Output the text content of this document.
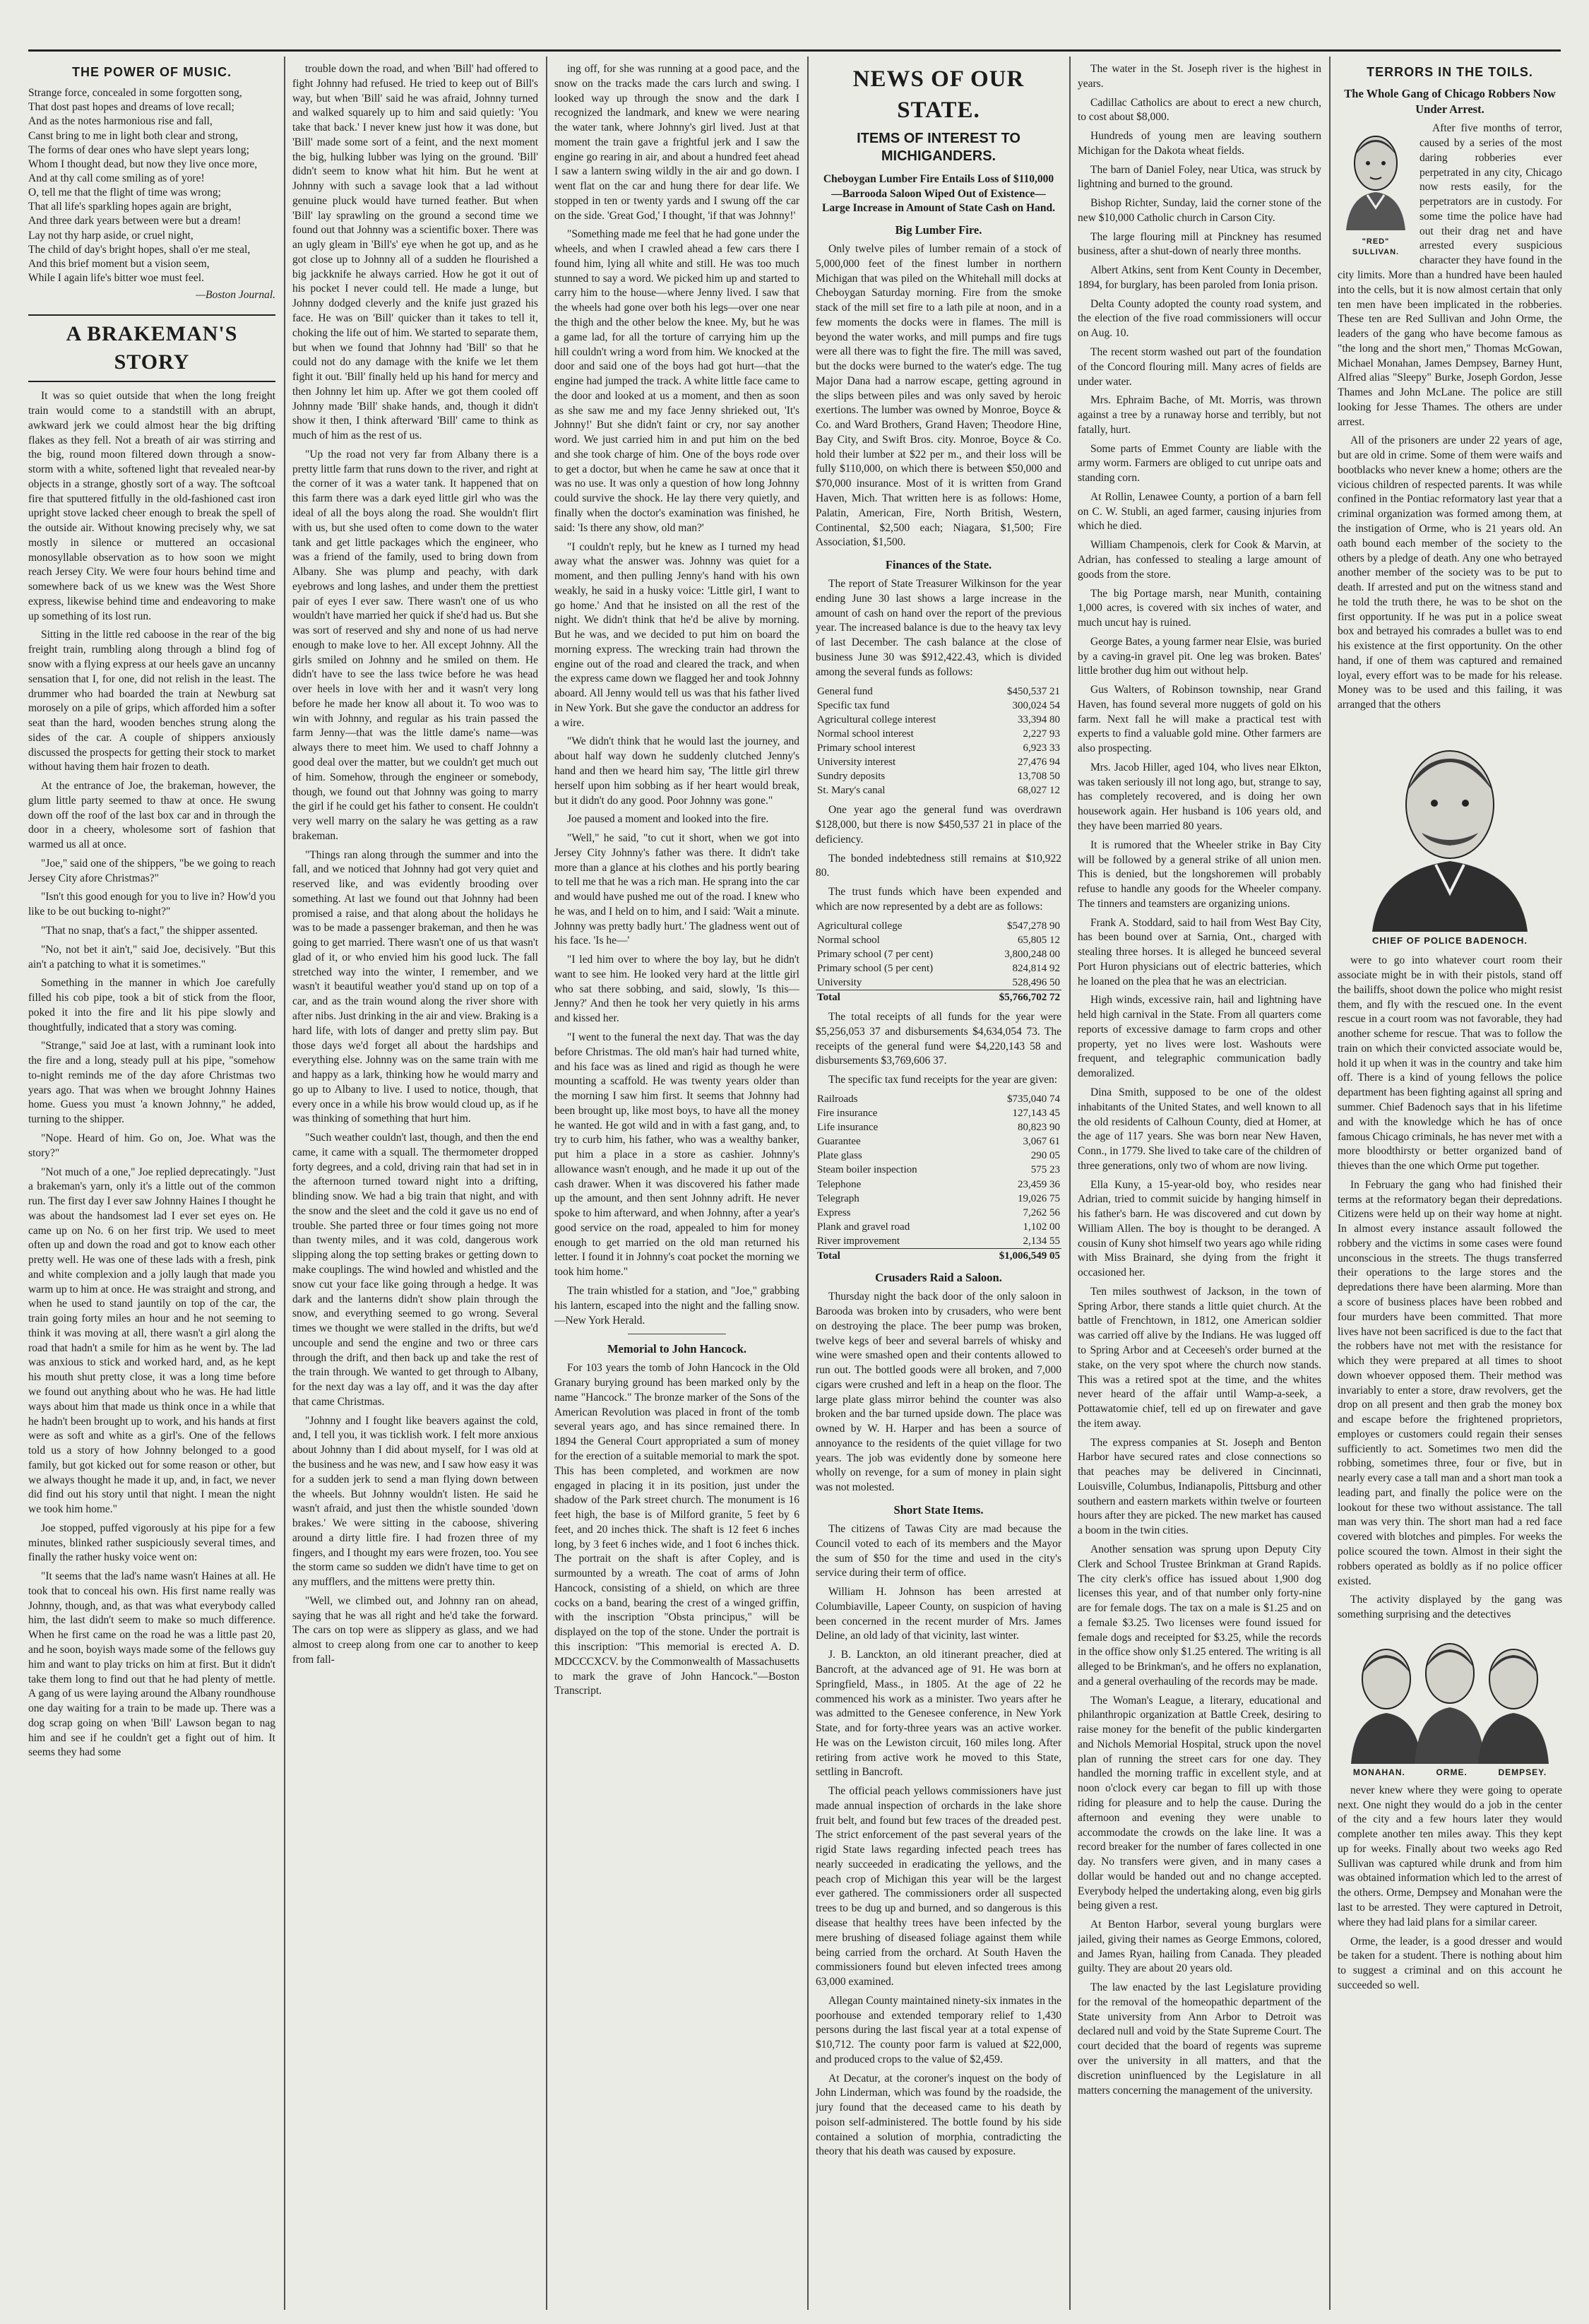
THE POWER OF MUSIC.
Strange force, concealed in some forgotten song,
That dost past hopes and dreams of love recall;
And as the notes harmonious rise and fall,
Canst bring to me in light both clear and strong,
The forms of dear ones who have slept years long;
Whom I thought dead, but now they live once more,
And at thy call come smiling as of yore!
O, tell me that the flight of time was wrong;
That all life's sparkling hopes again are bright,
And three dark years between were but a dream!
Lay not thy harp aside, or cruel night,
The child of day's bright hopes, shall o'er me steal,
And this brief moment but a vision seem,
While I again life's bitter woe must feel.
—Boston Journal.
A BRAKEMAN'S STORY

It was so quiet outside that when the long freight train would come to a standstill with an abrupt, awkward jerk we could almost hear the big drifting flakes as they fell. Not a breath of air was stirring and the big, round moon filtered down through a snow-storm with a white, softened light that revealed near-by objects in a strange, ghostly sort of a way. The softcoal fire that sputtered fitfully in the old-fashioned cast iron upright stove lacked cheer enough to break the spell of the outside air. Without knowing precisely why, we sat mostly in silence or muttered an occasional monosyllable observation as to how soon we might reach Jersey City. We were four hours behind time and somewhere back of us we knew was the West Shore express, likewise behind time and endeavoring to make up something of its lost run.

Sitting in the little red caboose in the rear of the big freight train, rumbling along through a blind fog of snow with a flying express at our heels gave an uncanny sensation that I, for one, did not relish in the least. The drummer who had boarded the train at Newburg sat morosely on a pile of grips, which afforded him a softer seat than the hard, wooden benches strung along the sides of the car. A couple of shippers anxiously discussed the prospects for getting their stock to market without having them hair frozen to death.

At the entrance of Joe, the brakeman, however, the glum little party seemed to thaw at once. He swung down off the roof of the last box car and in through the door in a cheery, wholesome sort of fashion that warmed us all at once.

"Joe," said one of the shippers, "be we going to reach Jersey City afore Christmas?"

"Isn't this good enough for you to live in? How'd you like to be out bucking to-night?"

"That no snap, that's a fact," the shipper assented.

"No, not bet it ain't," said Joe, decisively. "But this ain't a patching to what it is sometimes."

Something in the manner in which Joe carefully filled his cob pipe, took a bit of stick from the floor, poked it into the fire and lit his pipe slowly and thoughtfully, indicated that a story was coming.

"Strange," said Joe at last, with a ruminant look into the fire and a long, steady pull at his pipe, "somehow to-night reminds me of the day afore Christmas two years ago. That was when we brought Johnny Haines home. Guess you must 'a known Johnny," he added, turning to the shipper.

"Nope. Heard of him. Go on, Joe. What was the story?"

"Not much of a one," Joe replied deprecatingly. "Just a brakeman's yarn, only it's a little out of the common run. The first day I ever saw Johnny Haines I thought he was about the handsomest lad I ever set eyes on. He came up on No. 6 on her first trip. We used to meet often up and down the road and got to know each other pretty well. He was one of these lads with a fresh, pink and white complexion and a jolly laugh that made you warm up to him at once. He was straight and strong, and when he used to stand jauntily on top of the car, the train going forty miles an hour and he not seeming to think it was moving at all, there wasn't a girl along the road that hadn't a smile for him as he went by. The lad was anxious to stick and worked hard, and, as he kept his mouth shut pretty close, it was a long time before we found out anything about who he was. He had little ways about him that made us think once in a while that he hadn't been brought up to work, and his hands at first were as soft and white as a girl's. One of the fellows told us a story of how Johnny belonged to a good family, but got kicked out for some reason or other, but we always thought he made it up, and, in fact, we never did find out his story until that night. I mean the night we took him home."

Joe stopped, puffed vigorously at his pipe for a few minutes, blinked rather suspiciously several times, and finally the rather husky voice went on:

"It seems that the lad's name wasn't Haines at all. He took that to conceal his own. His first name really was Johnny, though, and, as that was what everybody called him, the last didn't seem to make so much difference. When he first came on the road he was a little past 20, and he soon, boyish ways made some of the fellows guy him and want to play tricks on him at first. But it didn't take them long to find out that he had plenty of mettle. A gang of us were laying around the Albany roundhouse one day waiting for a train to be made up. There was a dog scrap going on when 'Bill' Lawson began to nag him and see if he couldn't get a fight out of him. It seems they had some

trouble down the road, and when 'Bill' had offered to fight Johnny had refused. He tried to keep out of Bill's way, but when 'Bill' said he was afraid, Johnny turned and walked squarely up to him and said quietly: 'You take that back.' I never knew just how it was done, but 'Bill' made some sort of a feint, and the next moment the big, hulking lubber was lying on the ground. 'Bill' didn't seem to know what hit him. But he went at Johnny with such a savage look that a lad without genuine pluck would have turned feather. But when 'Bill' lay sprawling on the ground a second time we found out that Johnny was a scientific boxer. There was an ugly gleam in 'Bill's' eye when he got up, and as he got close up to Johnny all of a sudden he flourished a big jackknife he always carried. How he got it out of his pocket I never could tell. He made a lunge, but Johnny dodged cleverly and the knife just grazed his face. He was on 'Bill' quicker than it takes to tell it, choking the life out of him. We started to separate them, but when we found that Johnny had 'Bill' so that he could not do any damage with the knife we let them fight it out. 'Bill' finally held up his hand for mercy and then Johnny let him up. After we got them cooled off Johnny made 'Bill' shake hands, and, though it didn't show it then, I think afterward 'Bill' came to think as much of him as the rest of us.

"Up the road not very far from Albany there is a pretty little farm that runs down to the river, and right at the corner of it was a water tank. It happened that on this farm there was a dark eyed little girl who was the ideal of all the boys along the road. She wouldn't flirt with us, but she used often to come down to the water tank and get little packages which the engineer, who was a friend of the family, used to bring down from Albany. She was plump and peachy, with dark eyebrows and long lashes, and under them the prettiest pair of eyes I ever saw. There wasn't one of us who wouldn't have married her quick if she'd had us. But she was sort of reserved and shy and none of us had nerve enough to make love to her. All except Johnny. All the girls smiled on Johnny and he smiled on them. He didn't have to see the lass twice before he was head over heels in love with her and it wasn't very long before he made her know all about it. To woo was to win with Johnny, and regular as his train passed the farm Jenny—that was the little dame's name—was always there to meet him. We used to chaff Johnny a good deal over the matter, but we couldn't get much out of him. Somehow, through the engineer or somebody, though, we found out that Johnny was going to marry the girl if he could get his father to consent. He couldn't very well marry on the salary he was getting as a raw brakeman.

"Things ran along through the summer and into the fall, and we noticed that Johnny had got very quiet and reserved like, and was evidently brooding over something. At last we found out that Johnny had been promised a raise, and that along about the holidays he was to be made a passenger brakeman, and then he was going to get married. There wasn't one of us that wasn't glad of it, or who envied him his good luck. The fall stretched way into the winter, I remember, and we wasn't it beautiful weather you'd stand up on top of a car, and as the train wound along the river shore with after nibs. Just drinking in the air and view. Braking is a hard life, with lots of danger and pretty slim pay. But those days we'd forget all about the hardships and everything else. Johnny was on the same train with me and happy as a lark, thinking how he would marry and go up to Albany to live. I used to notice, though, that every once in a while his brow would cloud up, as if he was thinking of something that hurt him.

"Such weather couldn't last, though, and then the end came, it came with a squall. The thermometer dropped forty degrees, and a cold, driving rain that had set in in the afternoon turned toward night into a drifting, blinding snow. We had a big train that night, and with the snow and the sleet and the cold it gave us no end of trouble. She parted three or four times going not more than twenty miles, and it was cold, dangerous work slipping along the top setting brakes or getting down to make couplings. The wind howled and whistled and the snow cut your face like going through a hedge. It was dark and the lanterns didn't show plain through the snow, and everything seemed to go wrong. Several times we thought we were stalled in the drifts, but we'd uncouple and send the engine and two or three cars through the drift, and then back up and take the rest of the train through. We wanted to get through to Albany, for the next day was a lay off, and it was the day after that came Christmas.

"Johnny and I fought like beavers against the cold, and, I tell you, it was ticklish work. I felt more anxious about Johnny than I did about myself, for I was old at the business and he was new, and I saw how easy it was for a sudden jerk to send a man flying down between the wheels. But Johnny wouldn't listen. He said he wasn't afraid, and just then the whistle sounded 'down brakes.' We were sitting in the caboose, shivering around a dirty little fire. I had frozen three of my fingers, and I thought my ears were frozen, too. You see the storm came so sudden we didn't have time to get on any mufflers, and the mittens were pretty thin.

"Well, we climbed out, and Johnny ran on ahead, saying that he was all right and he'd take the forward. The cars on top were as slippery as glass, and we had almost to creep along from one car to another to keep from fall-

ing off, for she was running at a good pace, and the snow on the tracks made the cars lurch and swing. I looked way up through the snow and the dark I recognized the landmark, and knew we were nearing the water tank, where Johnny's girl lived. Just at that moment the train gave a frightful jerk and I saw the engine go rearing in air, and about a hundred feet ahead I saw a lantern swing wildly in the air and go down. I went flat on the car and hung there for dear life. We stopped in ten or twenty yards and I swung off the car on the side. 'Great God,' I thought, 'if that was Johnny!'

"Something made me feel that he had gone under the wheels, and when I crawled ahead a few cars there I found him, lying all white and still. He was too much stunned to say a word. We picked him up and started to carry him to the house—where Jenny lived. I saw that the wheels had gone over both his legs—over one near the thigh and the other below the knee. My, but he was a game lad, for all the torture of carrying him up the hill couldn't wring a word from him. We knocked at the door and said one of the boys had got hurt—that the engine had jumped the track. A white little face came to the door and looked at us a moment, and then as soon as she saw me and my face Jenny shrieked out, 'It's Johnny!' But she didn't faint or cry, nor say another word. We just carried him in and put him on the bed and she took charge of him. One of the boys rode over to get a doctor, but when he came he saw at once that it was no use. It was only a question of how long Johnny could survive the shock. He lay there very quietly, and finally when the doctor's examination was finished, he said: 'Is there any show, old man?'

"I couldn't reply, but he knew as I turned my head away what the answer was. Johnny was quiet for a moment, and then pulling Jenny's hand with his own weakly, he said in a husky voice: 'Little girl, I want to go home.' And that he insisted on all the rest of the night. We didn't think that he'd be alive by morning. But he was, and we decided to put him on board the morning express. The wrecking train had thrown the engine out of the road and cleared the track, and when the express came down we flagged her and took Johnny aboard. All Jenny would tell us was that his father lived in New York. But she gave the conductor an address for a wire.

"We didn't think that he would last the journey, and about half way down he suddenly clutched Jenny's hand and then we heard him say, 'The little girl threw herself upon him sobbing as if her heart would break, but it didn't do any good. Poor Johnny was gone."

Joe paused a moment and looked into the fire.

"Well," he said, "to cut it short, when we got into Jersey City Johnny's father was there. It didn't take more than a glance at his clothes and his portly bearing to tell me that he was a rich man. He sprang into the car and would have pushed me out of the road. I knew who he was, and I held on to him, and I said: 'Wait a minute. Johnny was pretty badly hurt.' The gladness went out of his face. 'Is he—'

"I led him over to where the boy lay, but he didn't want to see him. He looked very hard at the little girl who sat there sobbing, and said, slowly, 'Is this—Jenny?' And then he took her very quietly in his arms and kissed her.

"I went to the funeral the next day. That was the day before Christmas. The old man's hair had turned white, and his face was as lined and rigid as though he were mounting a scaffold. He was twenty years older than the morning I saw him first. It seems that Johnny had been brought up, like most boys, to have all the money he wanted. He got wild and in with a fast gang, and, to try to curb him, his father, who was a wealthy banker, put him a place in a store as cashier. Johnny's allowance wasn't enough, and he made it up out of the cash drawer. When it was discovered his father made up the amount, and then sent Johnny adrift. He never spoke to him afterward, and when Johnny, after a year's good service on the road, appealed to him for money enough to get married on the old man returned his letter. I found it in Johnny's coat pocket the morning we took him home."

The train whistled for a station, and "Joe," grabbing his lantern, escaped into the night and the falling snow.—New York Herald.

Memorial to John Hancock.

For 103 years the tomb of John Hancock in the Old Granary burying ground has been marked only by the name "Hancock." The bronze marker of the Sons of the American Revolution was placed in front of the tomb several years ago, and has since remained there. In 1894 the General Court appropriated a sum of money for the erection of a suitable memorial to mark the spot. This has been completed, and workmen are now engaged in placing it in its position, just under the shadow of the Park street church. The monument is 16 feet high, the base is of Milford granite, 5 feet by 6 feet, and 20 inches thick. The shaft is 12 feet 6 inches long, by 3 feet 6 inches wide, and 1 foot 6 inches thick. The portrait on the shaft is after Copley, and is surmounted by a wreath. The coat of arms of John Hancock, consisting of a shield, on which are three cocks on a band, bearing the crest of a winged griffin, with the inscription "Obsta principus," will be displayed on the top of the stone. Under the portrait is this inscription: "This memorial is erected A. D. MDCCCXCV. by the Commonwealth of Massachusetts to mark the grave of John Hancock."—Boston Transcript.

NEWS OF OUR STATE.
ITEMS OF INTEREST TO MICHIGANDERS.
Cheboygan Lumber Fire Entails Loss of $110,000—Barrooda Saloon Wiped Out of Existence—Large Increase in Amount of State Cash on Hand.
Big Lumber Fire.

Only twelve piles of lumber remain of a stock of 5,000,000 feet of the finest lumber in northern Michigan that was piled on the Whitehall mill docks at Cheboygan Saturday morning. Fire from the smoke stack of the mill set fire to a lath pile at noon, and in a few moments the docks were in flames. The mill is beyond the water works, and mill pumps and fire tugs were all there was to fight the fire. The mill was saved, but the docks were burned to the water's edge. The tug Major Dana had a narrow escape, getting aground in the slips between piles and was only saved by heroic exertions. The lumber was owned by Monroe, Boyce & Co. and Ward Brothers, Grand Haven; Theodore Hine, Bay City, and Swift Bros. city. Monroe, Boyce & Co. hold their lumber at $22 per m., and their loss will be fully $110,000, on which there is between $50,000 and $70,000 insurance. Most of it is written from Grand Haven, Mich. That written here is as follows: Home, Palatin, American, Fire, North British, Western, Continental, $2,500 each; Niagara, $1,500; Fire Association, $1,500.

Finances of the State.

The report of State Treasurer Wilkinson for the year ending June 30 last shows a large increase in the amount of cash on hand over the report of the previous year. The increased balance is due to the heavy tax levy of last December. The cash balance at the close of business June 30 was $912,422.43, which is divided among the several funds as follows:

General fund	$450,537 21
Specific tax fund	300,024 54
Agricultural college interest	33,394 80
Normal school interest	2,227 93
Primary school interest	6,923 33
University interest	27,476 94
Sundry deposits	13,708 50
St. Mary's canal	68,027 12

One year ago the general fund was overdrawn $128,000, but there is now $450,537 21 in place of the deficiency.

The bonded indebtedness still remains at $10,922 80.

The trust funds which have been expended and which are now represented by a debt are as follows:

Agricultural college	$547,278 90
Normal school	65,805 12
Primary school (7 per cent)	3,800,248 00
Primary school (5 per cent)	824,814 92
University	528,496 50
Total	$5,766,702 72

The total receipts of all funds for the year were $5,256,053 37 and disbursements $4,634,054 73. The receipts of the general fund were $4,220,143 58 and disbursements $3,769,606 37.

The specific tax fund receipts for the year are given:

Railroads	$735,040 74
Fire insurance	127,143 45
Life insurance	80,823 90
Guarantee	3,067 61
Plate glass	290 05
Steam boiler inspection	575 23
Telephone	23,459 36
Telegraph	19,026 75
Express	7,262 56
Plank and gravel road	1,102 00
River improvement	2,134 55
Total	$1,006,549 05
Crusaders Raid a Saloon.

Thursday night the back door of the only saloon in Barooda was broken into by crusaders, who were bent on destroying the place. The beer pump was broken, twelve kegs of beer and several barrels of whisky and wine were smashed open and their contents allowed to run out. The bottled goods were all broken, and 7,000 cigars were crushed and left in a heap on the floor. The large plate glass mirror behind the counter was also broken and the bar turned upside down. The place was owned by W. H. Harper and has been a source of annoyance to the residents of the quiet village for two years. The job was evidently done by someone here wholly on revenge, for a sum of money in plain sight was not molested.

Short State Items.

The citizens of Tawas City are mad because the Council voted to each of its members and the Mayor the sum of $50 for the time and used in the city's service during their term of office.

William H. Johnson has been arrested at Columbiaville, Lapeer County, on suspicion of having been concerned in the recent murder of Mrs. James Deline, an old lady of that vicinity, last winter.

J. B. Lanckton, an old itinerant preacher, died at Bancroft, at the advanced age of 91. He was born at Springfield, Mass., in 1805. At the age of 22 he commenced his work as a minister. Two years after he was admitted to the Genesee conference, in New York State, and for forty-three years was an active worker. He was on the Lewiston circuit, 160 miles long. After retiring from active work he moved to this State, settling in Bancroft.

The official peach yellows commissioners have just made annual inspection of orchards in the lake shore fruit belt, and found but few traces of the dreaded pest. The strict enforcement of the past several years of the rigid State laws regarding infected peach trees has nearly succeeded in eradicating the yellows, and the peach crop of Michigan this year will be the largest ever gathered. The commissioners order all suspected trees to be dug up and burned, and so dangerous is this disease that healthy trees have been infected by the mere brushing of diseased foliage against them while being carried from the orchard. At South Haven the commissioners found but eleven infected trees among 63,000 examined.

Allegan County maintained ninety-six inmates in the poorhouse and extended temporary relief to 1,430 persons during the last fiscal year at a total expense of $10,712. The county poor farm is valued at $22,000, and produced crops to the value of $2,459.

At Decatur, at the coroner's inquest on the body of John Linderman, which was found by the roadside, the jury found that the deceased came to his death by poison self-administered. The bottle found by his side contained a solution of morphia, contradicting the theory that his death was caused by exposure.

The water in the St. Joseph river is the highest in years.

Cadillac Catholics are about to erect a new church, to cost about $8,000.

Hundreds of young men are leaving southern Michigan for the Dakota wheat fields.

The barn of Daniel Foley, near Utica, was struck by lightning and burned to the ground.

Bishop Richter, Sunday, laid the corner stone of the new $10,000 Catholic church in Carson City.

The large flouring mill at Pinckney has resumed business, after a shut-down of nearly three months.

Albert Atkins, sent from Kent County in December, 1894, for burglary, has been paroled from Ionia prison.

Delta County adopted the county road system, and the election of the five road commissioners will occur on Aug. 10.

The recent storm washed out part of the foundation of the Concord flouring mill. Many acres of fields are under water.

Mrs. Ephraim Bache, of Mt. Morris, was thrown against a tree by a runaway horse and terribly, but not fatally, hurt.

Some parts of Emmet County are liable with the army worm. Farmers are obliged to cut unripe oats and standing corn.

At Rollin, Lenawee County, a portion of a barn fell on C. W. Stubli, an aged farmer, causing injuries from which he died.

William Champenois, clerk for Cook & Marvin, at Adrian, has confessed to stealing a large amount of goods from the store.

The big Portage marsh, near Munith, containing 1,000 acres, is covered with six inches of water, and much uncut hay is ruined.

George Bates, a young farmer near Elsie, was buried by a caving-in gravel pit. One leg was broken. Bates' little brother dug him out without help.

Gus Walters, of Robinson township, near Grand Haven, has found several more nuggets of gold on his farm. Next fall he will make a practical test with experts to find a valuable gold mine. Other farmers are also prospecting.

Mrs. Jacob Hiller, aged 104, who lives near Elkton, was taken seriously ill not long ago, but, strange to say, has completely recovered, and is doing her own housework again. Her husband is 106 years old, and they have been married 80 years.

It is rumored that the Wheeler strike in Bay City will be followed by a general strike of all union men. This is denied, but the longshoremen will probably refuse to handle any goods for the Wheeler company. The tinners and teamsters are organizing unions.

Frank A. Stoddard, said to hail from West Bay City, has been bound over at Sarnia, Ont., charged with stealing three horses. It is alleged he bunceed several Port Huron physicians out of electric batteries, which he loaned on the plea that he was an electrician.

High winds, excessive rain, hail and lightning have held high carnival in the State. From all quarters come reports of excessive damage to farm crops and other property, yet no lives were lost. Washouts were frequent, and telegraphic communication badly demoralized.

Dina Smith, supposed to be one of the oldest inhabitants of the United States, and well known to all the old residents of Calhoun County, died at Homer, at the age of 117 years. She was born near New Haven, Conn., in 1779. She lived to take care of the children of three generations, only two of whom are now living.

Ella Kuny, a 15-year-old boy, who resides near Adrian, tried to commit suicide by hanging himself in his father's barn. He was discovered and cut down by William Allen. The boy is thought to be deranged. A cousin of Kuny shot himself two years ago while riding with Miss Brainard, she dying from the fright it occasioned her.

Ten miles southwest of Jackson, in the town of Spring Arbor, there stands a little quiet church. At the battle of Frenchtown, in 1812, one American soldier was carried off alive by the Indians. He was lugged off to Spring Arbor and at Ceceeseh's order burned at the stake, on the very spot where the church now stands. This was a retired spot at the time, and the whites never heard of the affair until Wamp-a-seek, a Pottawatomie chief, tell ed up on firewater and gave the item away.

The express companies at St. Joseph and Benton Harbor have secured rates and close connections so that peaches may be delivered in Cincinnati, Louisville, Columbus, Indianapolis, Pittsburg and other southern and eastern markets within twelve or fourteen hours after they are picked. The new market has caused a boom in the twin cities.

Another sensation was sprung upon Deputy City Clerk and School Trustee Brinkman at Grand Rapids. The city clerk's office has issued about 1,900 dog licenses this year, and of that number only forty-nine are for female dogs. The tax on a male is $1.25 and on a female $3.25. Two licenses were found issued for female dogs and receipted for $3.25, while the records in the office show only $1.25 entered. The writing is all alleged to be Brinkman's, and he offers no explanation, and a general overhauling of the records may be made.

The Woman's League, a literary, educational and philanthropic organization at Battle Creek, desiring to raise money for the benefit of the public kindergarten and Nichols Memorial Hospital, struck upon the novel plan of running the street cars for one day. They handled the morning traffic in excellent style, and at noon o'clock every car began to fill up with those riding for pleasure and to help the cause. During the afternoon and evening they were unable to accommodate the crowds on the lake line. It was a record breaker for the number of fares collected in one day. No transfers were given, and in many cases a dollar would be handed out and no change accepted. Everybody helped the undertaking along, even big girls being given a rest.

At Benton Harbor, several young burglars were jailed, giving their names as George Emmons, colored, and James Ryan, hailing from Canada. They pleaded guilty. They are about 20 years old.

The law enacted by the last Legislature providing for the removal of the homeopathic department of the State university from Ann Arbor to Detroit was declared null and void by the State Supreme Court. The court decided that the board of regents was supreme over the university in all matters, and that the discretion uninfluenced by the Legislature in all matters concerning the management of the university.

TERRORS IN THE TOILS.
The Whole Gang of Chicago Robbers Now Under Arrest.
"RED" SULLIVAN.

After five months of terror, caused by a series of the most daring robberies ever perpetrated in any city, Chicago now rests easily, for the perpetrators are in custody. For some time the police have had out their drag net and have arrested every suspicious character they have found in the city limits. More than a hundred have been hauled into the cells, but it is now almost certain that only ten men have been implicated in the robberies. These ten are Red Sullivan and John Orme, the leaders of the gang who have become famous as "the long and the short men," Thomas McGowan, Michael Monahan, James Dempsey, Barney Hunt, Alfred alias "Sleepy" Burke, Joseph Gordon, Jesse Thames and John McLane. The police are still looking for Jesse Thames. The others are under arrest.

All of the prisoners are under 22 years of age, but are old in crime. Some of them were waifs and bootblacks who never knew a home; others are the vicious children of respected parents. It was while confined in the Pontiac reformatory last year that a criminal organization was formed among them, at the instigation of Orme, who is 21 years old. An oath bound each member of the society to the others by a pledge of death. Any one who betrayed another member of the society was to be put to death. If arrested and put on the witness stand and he told the truth there, he was to be shot on the first opportunity. If he was put in a police sweat box and betrayed his comrades a bullet was to end his existence at the first opportunity. On the other hand, if one of them was captured and remained loyal, every effort was to be made for his release. Money was to be used and this failing, it was arranged that the others

CHIEF OF POLICE BADENOCH.

were to go into whatever court room their associate might be in with their pistols, stand off the bailiffs, shoot down the police who might resist them, and fly with the rescued one. In the event rescue in a court room was not favorable, they had another scheme for rescue. That was to follow the train on which their convicted associate would be, hold it up when it was in the country and take him off. There is a kind of young fellows the police department has been fighting against all spring and summer. Chief Badenoch says that in his lifetime and with the knowledge which he has of once famous Chicago criminals, he has never met with a more bloodthirsty or better organized band of thieves than the one which Orme put together.

In February the gang who had finished their terms at the reformatory began their depredations. Citizens were held up on their way home at night. In almost every instance assault followed the robbery and the victims in some cases were found unconscious in the streets. The thugs transferred their operations to the large stores and the depredations there have been alarming. More than a score of business places have been robbed and four murders have been committed. That more lives have not been sacrificed is due to the fact that the robbers have not met with the resistance for which they were prepared at all times to shoot down whoever opposed them. Their method was invariably to enter a store, draw revolvers, get the drop on all present and then grab the money box and escape before the frightened proprietors, employes or customers could regain their senses sufficiently to act. Sometimes two men did the robbing, sometimes three, four or five, but in nearly every case a tall man and a short man took a leading part, and finally the police were on the lookout for these two without assistance. The tall man was very thin. The short man had a red face covered with blotches and pimples. For weeks the police scoured the town. Almost in their sight the robbers operated as boldly as if no police officer existed.

The activity displayed by the gang was something surprising and the detectives

MONAHAN.	ORME.	DEMPSEY.

never knew where they were going to operate next. One night they would do a job in the center of the city and a few hours later they would complete another ten miles away. This they kept up for weeks. Finally about two weeks ago Red Sullivan was captured while drunk and from him was obtained information which led to the arrest of the others. Orme, Dempsey and Monahan were the last to be arrested. They were captured in Detroit, where they had laid plans for a similar career.

Orme, the leader, is a good dresser and would be taken for a student. There is nothing about him to suggest a criminal and on this account he succeeded so well.
